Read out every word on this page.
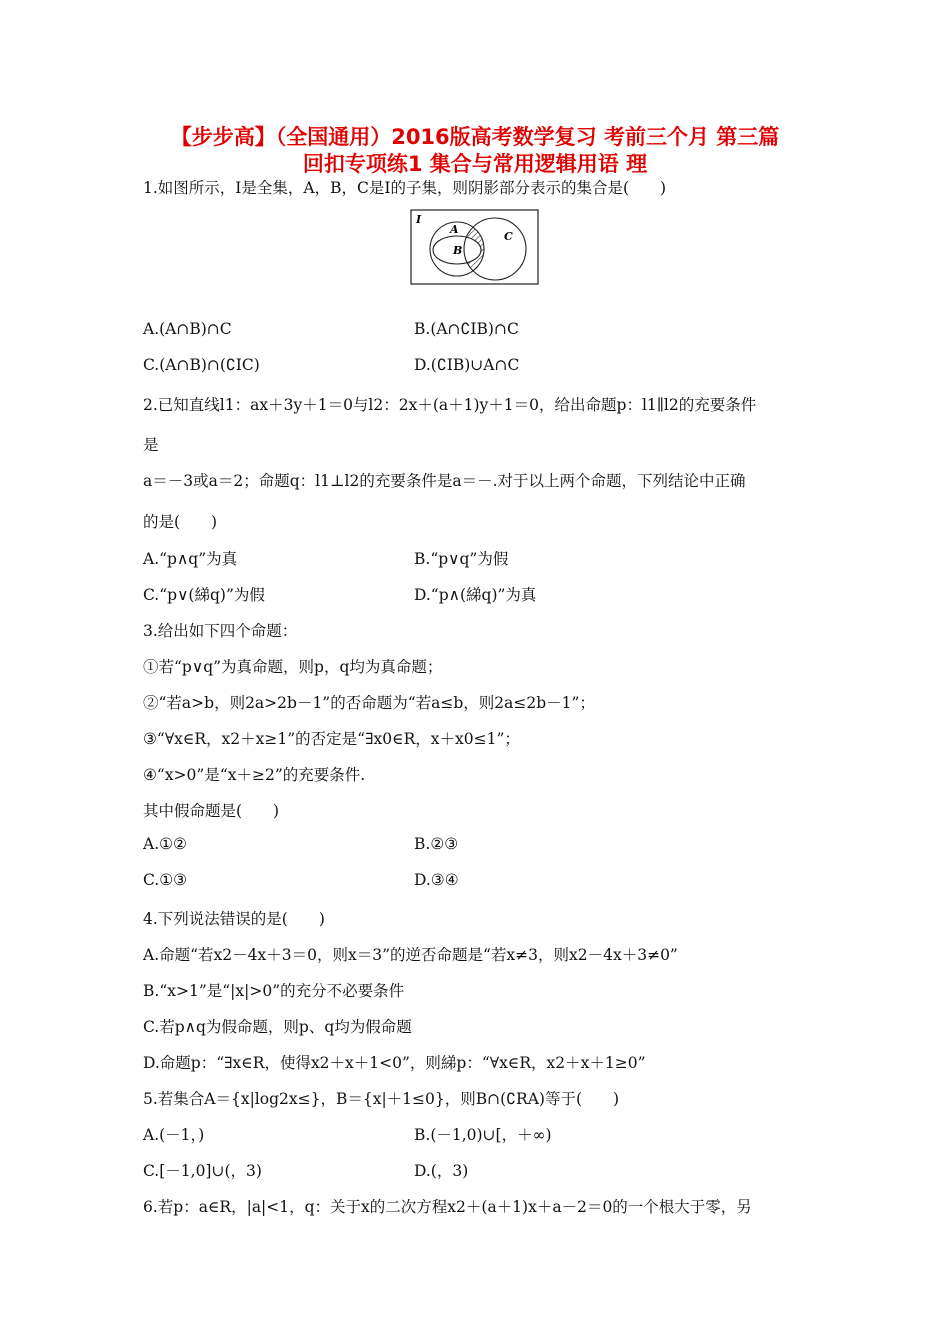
【步步高】（全国通用）2016版高考数学复习 考前三个月 第三篇
回扣专项练1 集合与常用逻辑用语 理
1.如图所示，I是全集，A，B，C是I的子集，则阴影部分表示的集合是(　　)
I
A
B
C
A.(A∩B)∩C	B.(A∩∁IB)∩C
C.(A∩B)∩(∁IC)	D.(∁IB)∪A∩C
2.已知直线l1：ax＋3y＋1＝0与l2：2x＋(a＋1)y＋1＝0，给出命题p：l1∥l2的充要条件
是
a＝－3或a＝2；命题q：l1⊥l2的充要条件是a＝－.对于以上两个命题，下列结论中正确
的是(　　)
A.“p∧q”为真	B.“p∨q”为假
C.“p∨(綈q)”为假	D.“p∧(綈q)”为真
3.给出如下四个命题：
①若“p∨q”为真命题，则p，q均为真命题；
②“若a>b，则2a>2b－1”的否命题为“若a≤b，则2a≤2b－1”；
③“∀x∈R，x2＋x≥1”的否定是“∃x0∈R，x＋x0≤1”；
④“x>0”是“x＋≥2”的充要条件.
其中假命题是(　　)
A.①②	B.②③
C.①③	D.③④
4.下列说法错误的是(　　)
A.命题“若x2－4x＋3＝0，则x＝3”的逆否命题是“若x≠3，则x2－4x＋3≠0”
B.“x>1”是“|x|>0”的充分不必要条件
C.若p∧q为假命题，则p、q均为假命题
D.命题p：“∃x∈R，使得x2＋x＋1<0”，则綈p：“∀x∈R，x2＋x＋1≥0”
5.若集合A＝{x|log2x≤}，B＝{x|＋1≤0}，则B∩(∁RA)等于(　　)
A.(－1，)	B.(－1,0)∪[，＋∞)
C.[－1,0]∪(，3)	D.(，3)
6.若p：a∈R，|a|<1，q：关于x的二次方程x2＋(a＋1)x＋a－2＝0的一个根大于零，另
